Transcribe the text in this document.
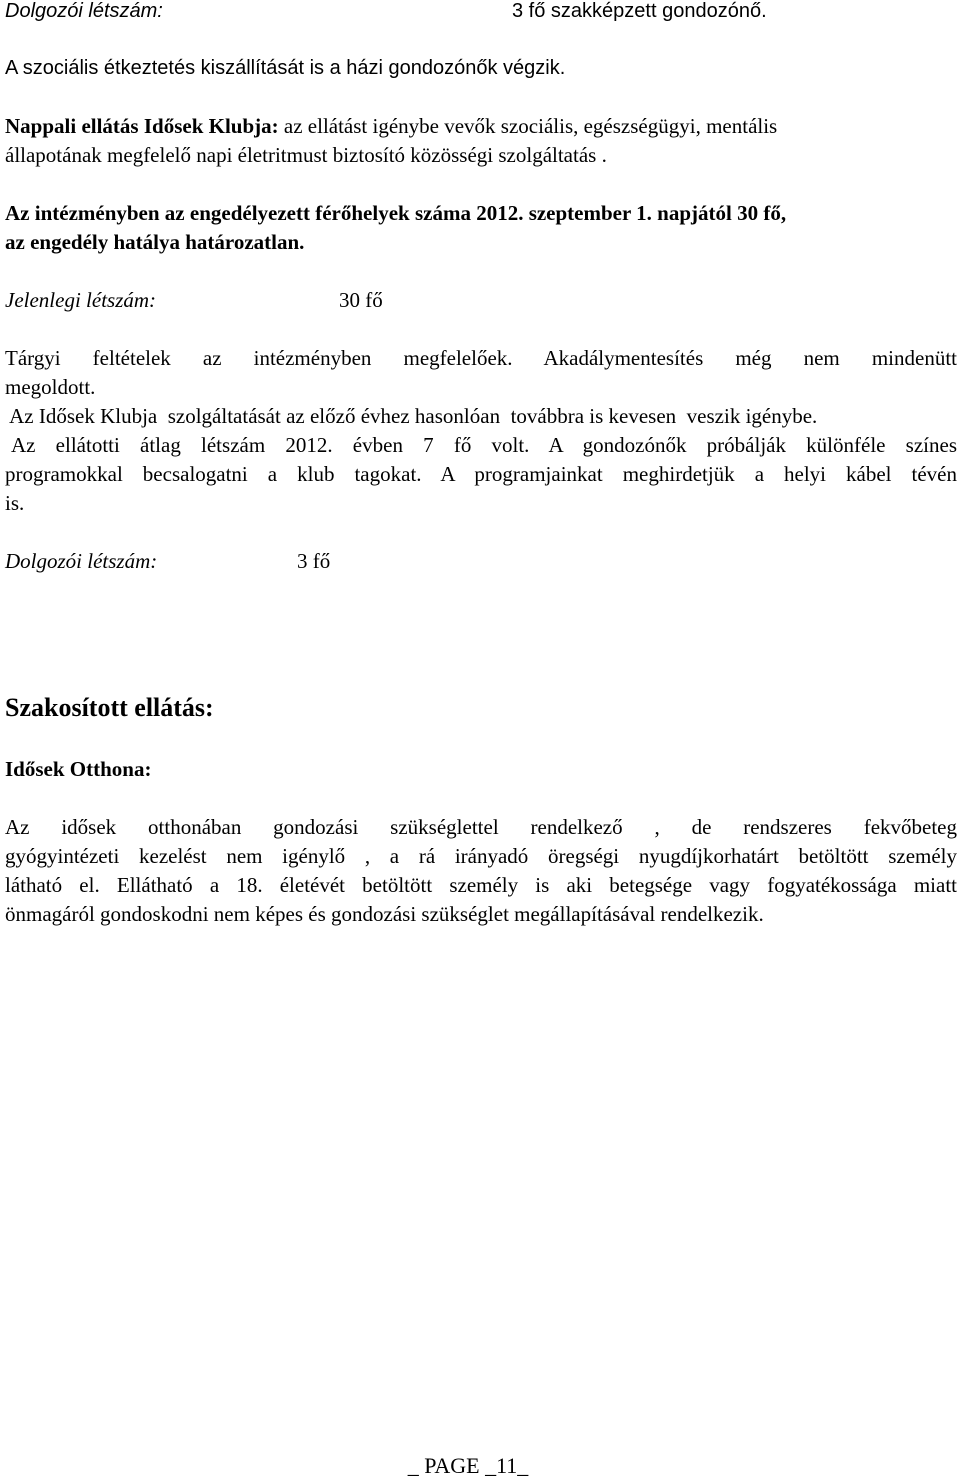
Dolgozói létszám:	3 fő szakképzett gondozónő.
A szociális étkeztetés kiszállítását is a házi gondozónők végzik.
Nappali ellátás Idősek Klubja: az ellátást igénybe vevők szociális, egészségügyi, mentális
állapotának megfelelő napi életritmust biztosító közösségi szolgáltatás .
Az intézményben az engedélyezett férőhelyek száma 2012. szeptember 1. napjától 30 fő,
az engedély hatálya határozatlan.
Jelenlegi létszám:	30 fő
Tárgyi feltételek az intézményben megfelelőek. Akadálymentesítés még nem mindenütt
megoldott.
Az Idősek Klubja  szolgáltatását az előző évhez hasonlóan  továbbra is kevesen  veszik igénybe.
Az ellátotti átlag létszám 2012. évben 7 fő volt. A gondozónők próbálják különféle színes
programokkal becsalogatni a klub tagokat. A programjainkat meghirdetjük a helyi kábel tévén
is.
Dolgozói létszám:	3 fő
Szakosított ellátás:
Idősek Otthona:
Az idősek otthonában gondozási szükséglettel rendelkező , de rendszeres fekvőbeteg
gyógyintézeti kezelést nem igénylő , a rá irányadó öregségi nyugdíjkorhatárt betöltött személy
látható el. Ellátható a 18. életévét betöltött személy is aki betegsége vagy fogyatékossága miatt
önmagáról gondoskodni nem képes és gondozási szükséglet megállapításával rendelkezik.
_ PAGE _11_
